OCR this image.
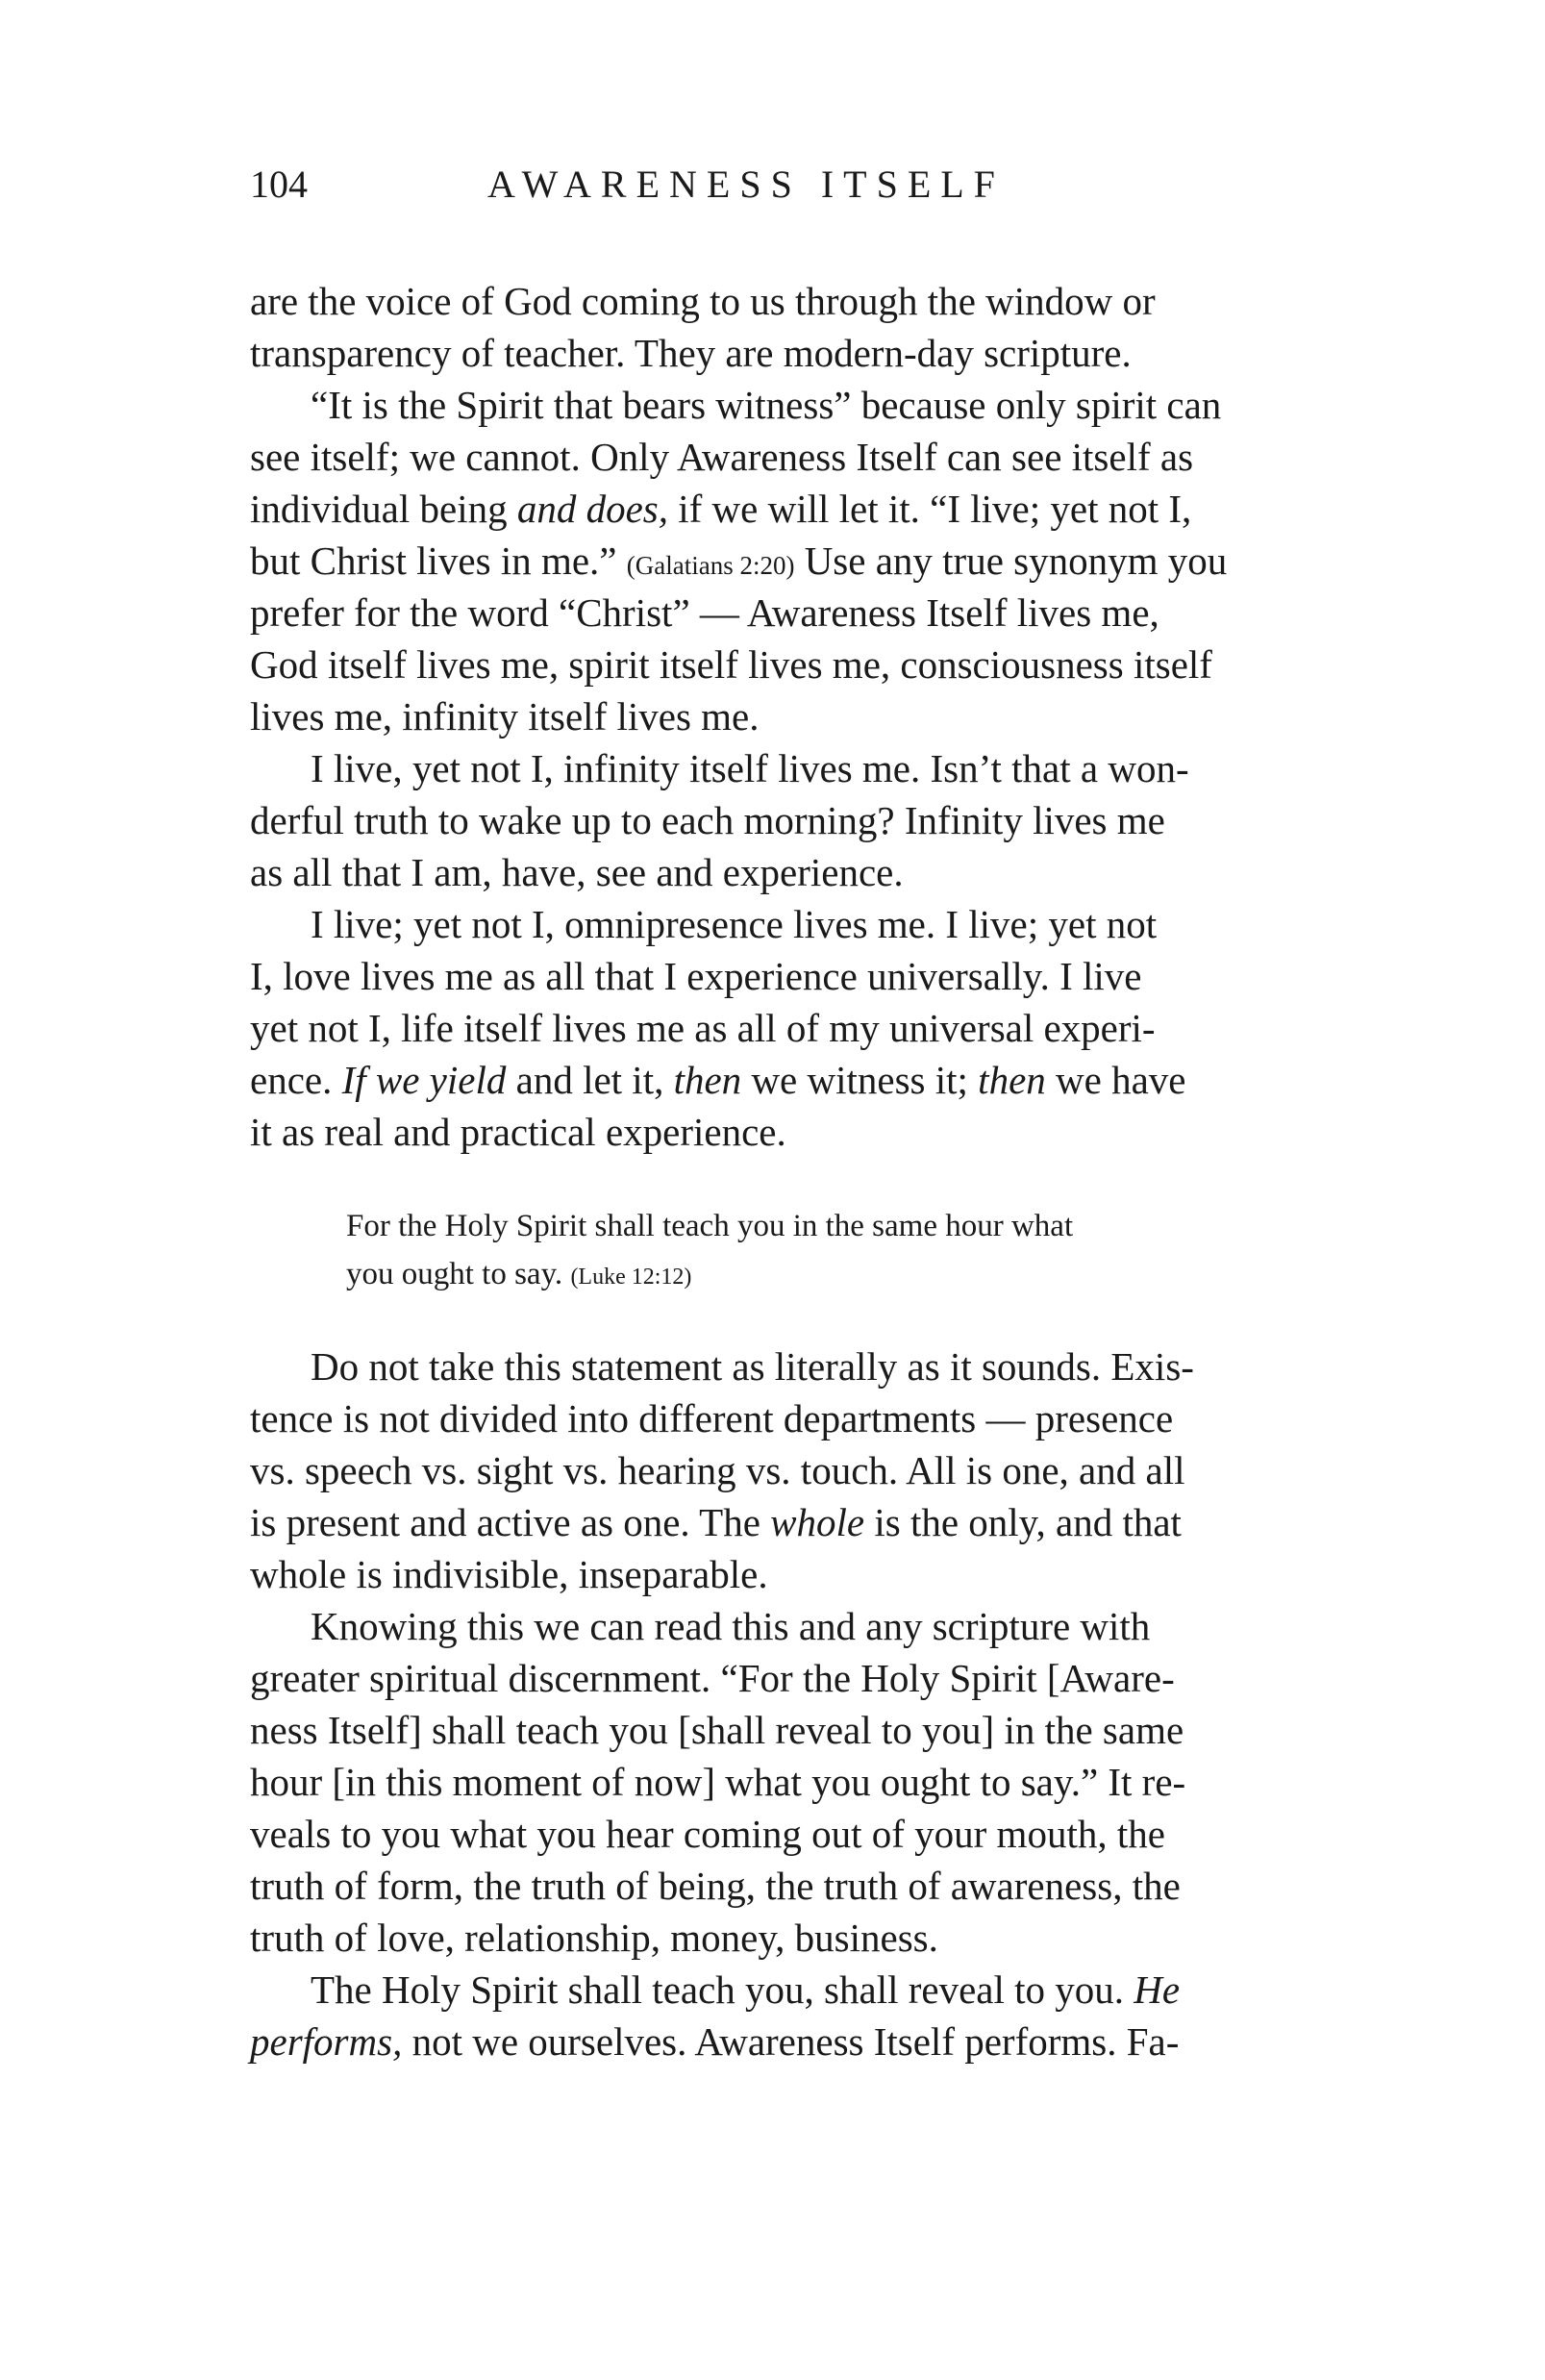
104	AWARENESS ITSELF
are the voice of God coming to us through the window or
transparency of teacher. They are modern-day scripture.
“It is the Spirit that bears witness” because only spirit can
see itself; we cannot. Only Awareness Itself can see itself as
individual being and does, if we will let it. “I live; yet not I,
but Christ lives in me.” (Galatians 2:20) Use any true synonym you
prefer for the word “Christ” — Awareness Itself lives me,
God itself lives me, spirit itself lives me, consciousness itself
lives me, infinity itself lives me.
I live, yet not I, infinity itself lives me. Isn’t that a won-
derful truth to wake up to each morning? Infinity lives me
as all that I am, have, see and experience.
I live; yet not I, omnipresence lives me. I live; yet not
I, love lives me as all that I experience universally. I live
yet not I, life itself lives me as all of my universal experi-
ence. If we yield and let it, then we witness it; then we have
it as real and practical experience.
For the Holy Spirit shall teach you in the same hour what
you ought to say. (Luke 12:12)
Do not take this statement as literally as it sounds. Exis-
tence is not divided into different departments — presence
vs. speech vs. sight vs. hearing vs. touch. All is one, and all
is present and active as one. The whole is the only, and that
whole is indivisible, inseparable.
Knowing this we can read this and any scripture with
greater spiritual discernment. “For the Holy Spirit [Aware-
ness Itself] shall teach you [shall reveal to you] in the same
hour [in this moment of now] what you ought to say.” It re-
veals to you what you hear coming out of your mouth, the
truth of form, the truth of being, the truth of awareness, the
truth of love, relationship, money, business.
The Holy Spirit shall teach you, shall reveal to you. He
performs, not we ourselves. Awareness Itself performs. Fa-
